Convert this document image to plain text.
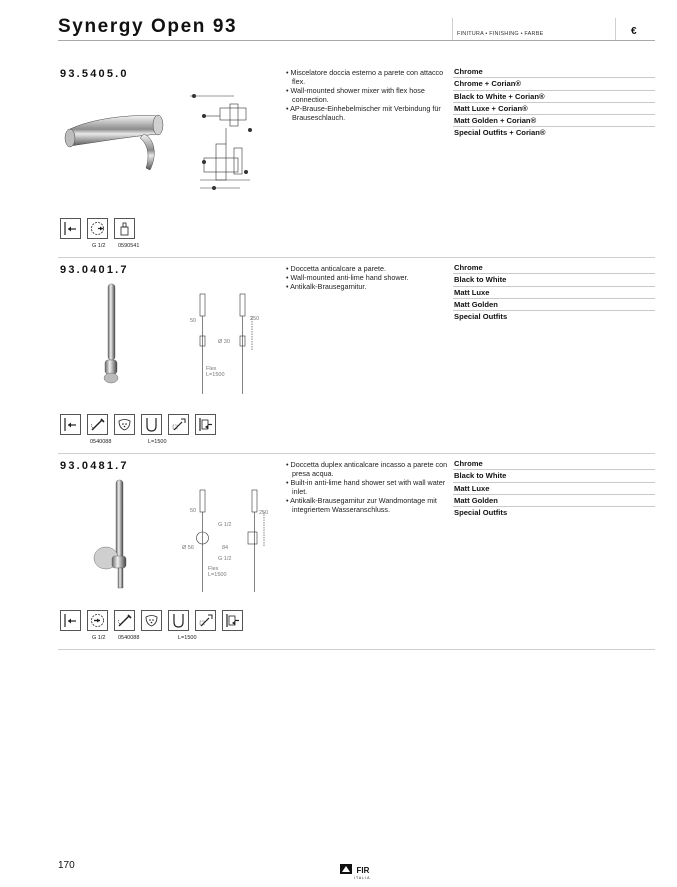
Synergy Open 93	FINITURA • FINISHING • FARBE	€
93.5405.0	• Miscelatore doccia esterno a parete con attacco flex.
• Wall-mounted shower mixer with flex hose connection.
• AP-Brause-Einhebelmischer mit Verbindung für Brauseschlauch.
Chrome
Chrome + Corian®
Black to White + Corian®
Matt Luxe + Corian®
Matt Golden + Corian®
Special Outfits + Corian®
G 1/2 0590541
93.0401.7
50	250
Ø 30
Flex
L=1500
• Doccetta anticalcare a parete.
• Wall-mounted anti-lime hand shower.
• Antikalk-Brausegarnitur.
Chrome
Black to White
Matt Luxe
Matt Golden
Special Outfits
0540088	L=1500
93.0481.7
50	250
G 1/2
Ø 56	84
G 1/2
Flex
L=1500
• Doccetta duplex anticalcare incasso a parete con presa acqua.
• Built-in anti-lime hand shower set with wall water inlet.
• Antikalk-Brausegarnitur zur Wandmontage mit integriertem Wasseranschluss.
Chrome
Black to White
Matt Luxe
Matt Golden
Special Outfits
G 1/2 0540088	L=1500
170	FIR
ITALIA
